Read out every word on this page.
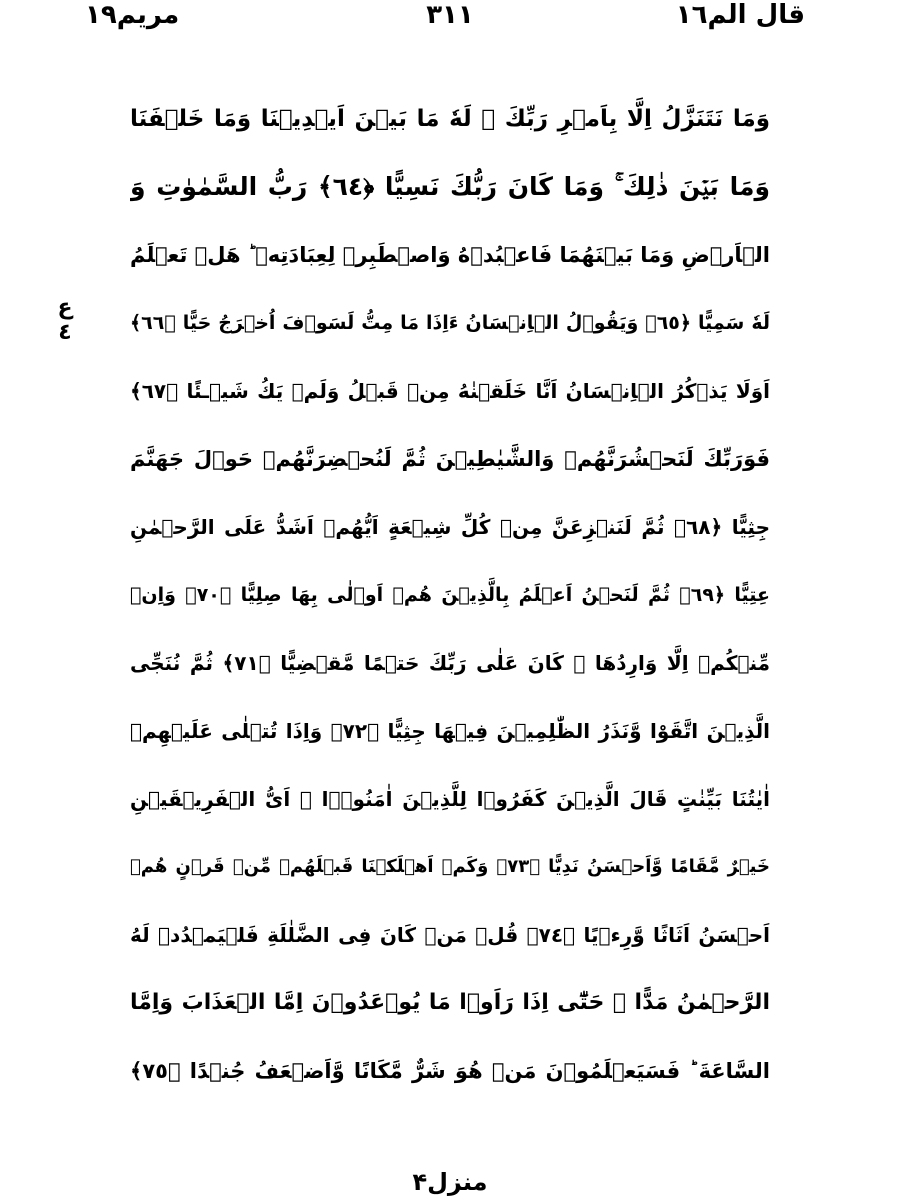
قال الم١٦
٣١١
مريم١٩
ع ٤
وَمَا نَتَنَزَّلُ اِلَّا بِاَمۡرِ رَبِّكَ ۚ لَهٗ مَا بَيۡنَ اَيۡدِيۡنَا وَمَا خَلۡفَنَا
وَمَا بَيۡنَ ذٰلِكَ ۚ وَمَا كَانَ رَبُّكَ نَسِيًّا ﴿٦٤﴾ رَبُّ السَّمٰوٰتِ وَ
الۡاَرۡضِ وَمَا بَيۡنَهُمَا فَاعۡبُدۡهُ وَاصۡطَبِرۡ لِعِبَادَتِهٖ ؕ هَلۡ تَعۡلَمُ
لَهٗ سَمِيًّا ﴿٦٥﴾ وَيَقُوۡلُ الۡاِنۡسَانُ ءَاِذَا مَا مِتُّ لَسَوۡفَ اُخۡرَجُ حَيًّا ﴿٦٦﴾
اَوَلَا يَذۡكُرُ الۡاِنۡسَانُ اَنَّا خَلَقۡنٰهُ مِنۡ قَبۡلُ وَلَمۡ يَكُ شَيۡـئًا ﴿٦٧﴾
فَوَرَبِّكَ لَنَحۡشُرَنَّهُمۡ وَالشَّيٰطِيۡنَ ثُمَّ لَنُحۡضِرَنَّهُمۡ حَوۡلَ جَهَنَّمَ
جِثِيًّا ﴿٦٨﴾ ثُمَّ لَنَنۡزِعَنَّ مِنۡ كُلِّ شِيۡعَةٍ اَيُّهُمۡ اَشَدُّ عَلَى الرَّحۡمٰنِ
عِتِيًّا ﴿٦٩﴾ ثُمَّ لَنَحۡنُ اَعۡلَمُ بِالَّذِيۡنَ هُمۡ اَوۡلٰى بِهَا صِلِيًّا ﴿٧٠﴾ وَاِنۡ
مِّنۡكُمۡ اِلَّا وَارِدُهَا ۚ كَانَ عَلٰى رَبِّكَ حَتۡمًا مَّقۡضِيًّا ﴿٧١﴾ ثُمَّ نُنَجِّى
الَّذِيۡنَ اتَّقَوْا وَّنَذَرُ الظّٰلِمِيۡنَ فِيۡهَا جِثِيًّا ﴿٧٢﴾ وَاِذَا تُتۡلٰى عَلَيۡهِمۡ
اٰيٰتُنَا بَيِّنٰتٍ قَالَ الَّذِيۡنَ كَفَرُوۡا لِلَّذِيۡنَ اٰمَنُوۡۤا ۙ اَىُّ الۡفَرِيۡقَيۡنِ
خَيۡرٌ مَّقَامًا وَّاَحۡسَنُ نَدِيًّا ﴿٧٣﴾ وَكَمۡ اَهۡلَكۡنَا قَبۡلَهُمۡ مِّنۡ قَرۡنٍ هُمۡ
اَحۡسَنُ اَثَاثًا وَّرِءۡيًا ﴿٧٤﴾ قُلۡ مَنۡ كَانَ فِى الضَّلٰلَةِ فَلۡيَمۡدُدۡ لَهُ
الرَّحۡمٰنُ مَدًّا ۚ حَتّٰٓى اِذَا رَاَوۡا مَا يُوۡعَدُوۡنَ اِمَّا الۡعَذَابَ وَاِمَّا
السَّاعَةَ ؕ فَسَيَعۡلَمُوۡنَ مَنۡ هُوَ شَرٌّ مَّكَانًا وَّاَضۡعَفُ جُنۡدًا ﴿٧٥﴾
منزل۴
